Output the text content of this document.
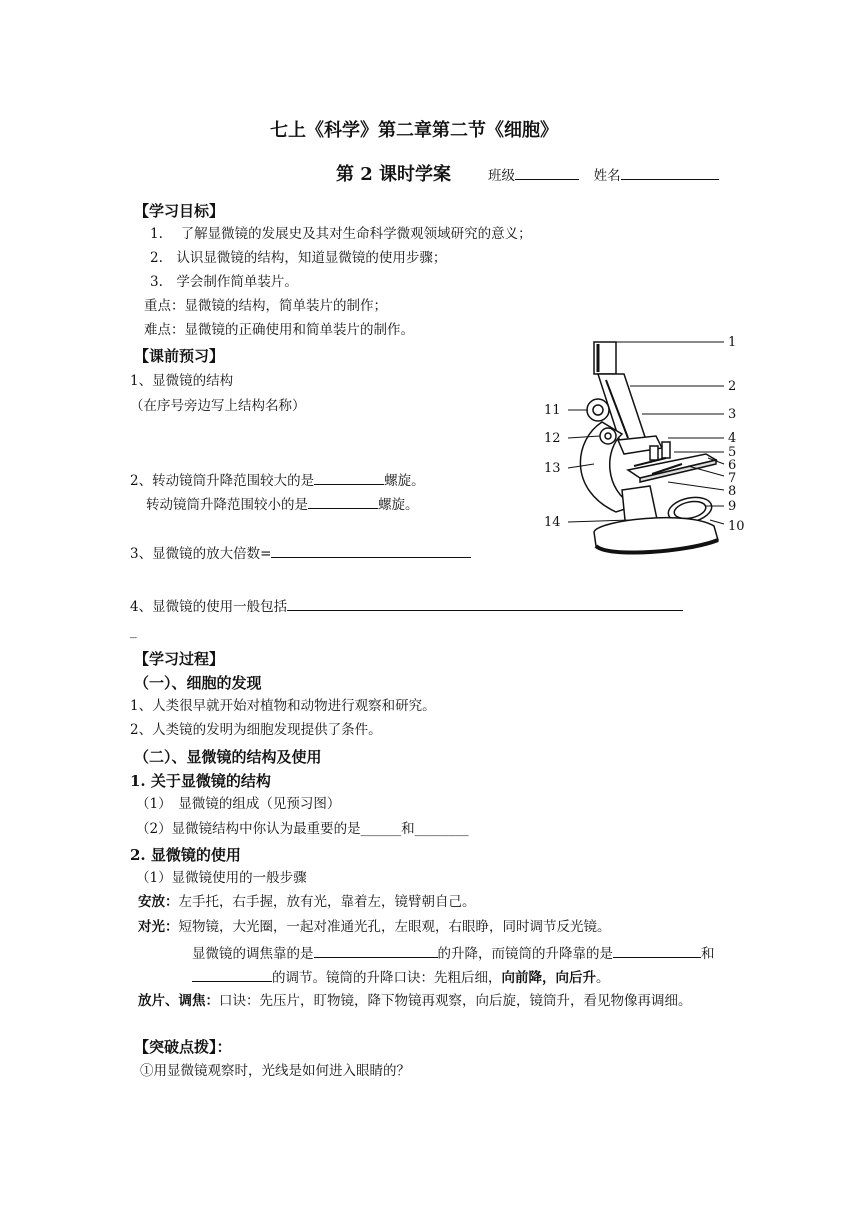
七上《科学》第二章第二节《细胞》
第 2 课时学案	班级	姓名
【学习目标】
1.　 了解显微镜的发展史及其对生命科学微观领域研究的意义；
2.　认识显微镜的结构，知道显微镜的使用步骤；
3.　学会制作简单装片。
重点：显微镜的结构，简单装片的制作；
难点：显微镜的正确使用和简单装片的制作。
【课前预习】
1、显微镜的结构
（在序号旁边写上结构名称）
2、转动镜筒升降范围较大的是	螺旋。
转动镜筒升降范围较小的是	螺旋。
3、显微镜的放大倍数=
4、显微镜的使用一般包括
_
1
2
3
4
5
6
7
8
9
10
11
12
13
14
【学习过程】
（一）、细胞的发现
1、人类很早就开始对植物和动物进行观察和研究。
2、人类镜的发明为细胞发现提供了条件。
（二）、显微镜的结构及使用
1. 关于显微镜的结构
（1）　显微镜的组成（见预习图）
（2）显微镜结构中你认为最重要的是______和________
2. 显微镜的使用
（1）显微镜使用的一般步骤
安放：左手托，右手握，放有光，靠着左，镜臂朝自己。
对光：短物镜，大光圈，一起对准通光孔，左眼观，右眼睁，同时调节反光镜。
显微镜的调焦靠的是	的升降，而镜筒的升降靠的是	和
的调节。镜筒的升降口诀：先粗后细，向前降，向后升。
放片、调焦：口诀：先压片，盯物镜，降下物镜再观察，向后旋，镜筒升，看见物像再调细。
【突破点拨】：
①用显微镜观察时，光线是如何进入眼睛的？
